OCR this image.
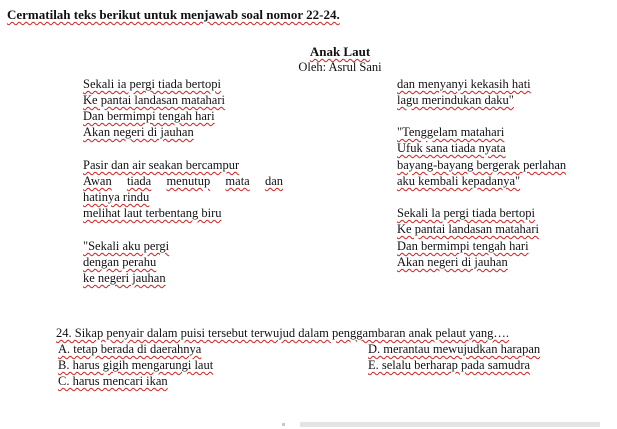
Cermatilah teks berikut untuk menjawab soal nomor 22-24.
Anak Laut
Oleh: Asrul Sani
Sekali ia pergi tiada bertopi
Ke pantai landasan matahari
Dan bermimpi tengah hari
Akan negeri di jauhan
Pasir dan air seakan bercampur
Awan tiada menutup mata dan
hatinya rindu
melihat laut terbentang biru
"Sekali aku pergi
dengan perahu
ke negeri jauhan
dan menyanyi kekasih hati
lagu merindukan daku"
"Tenggelam matahari
Ufuk sana tiada nyata
bayang-bayang bergerak perlahan
aku kembali kepadanya"
Sekali la pergi tiada bertopi
Ke pantai landasan matahari
Dan bermimpi tengah hari
Akan negeri di jauhan
24. Sikap penyair dalam puisi tersebut terwujud dalam penggambaran anak pelaut yang….
A. tetap berada di daerahnya
B. harus gigih mengarungi laut
C. harus mencari ikan
D. merantau mewujudkan harapan
E. selalu berharap pada samudra
